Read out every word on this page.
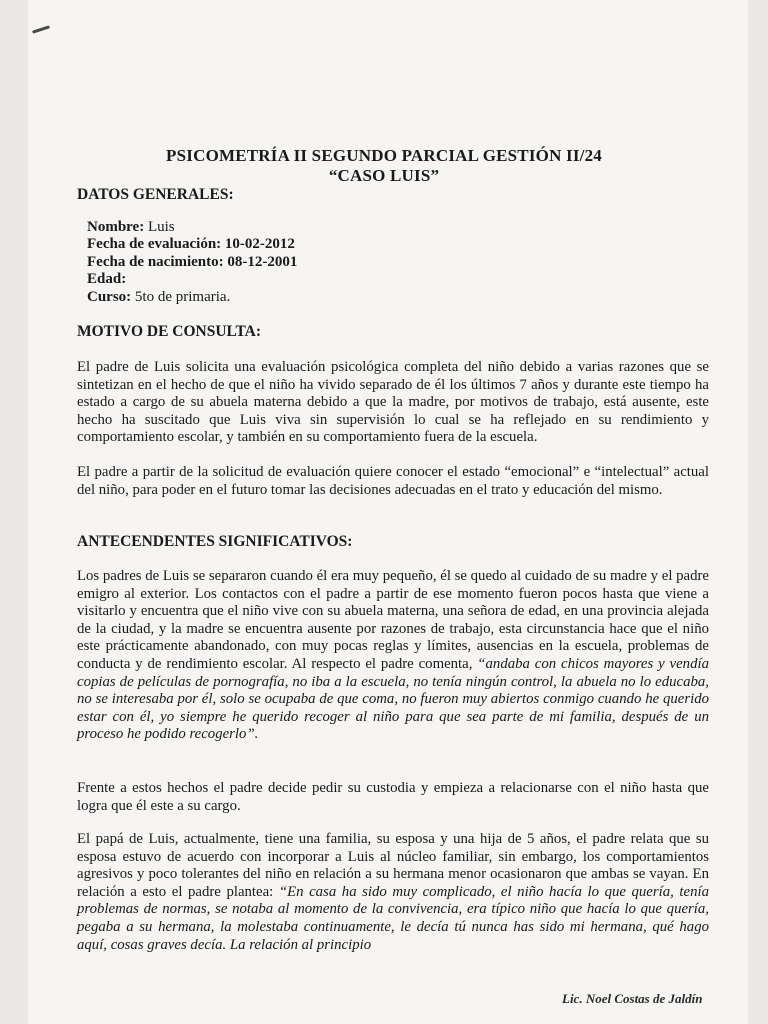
PSICOMETRÍA II SEGUNDO PARCIAL GESTIÓN II/24
“CASO LUIS”
DATOS GENERALES:
Nombre: Luis
Fecha de evaluación: 10-02-2012
Fecha de nacimiento: 08-12-2001
Edad:
Curso: 5to de primaria.
MOTIVO DE CONSULTA:
El padre de Luis solicita una evaluación psicológica completa del niño debido a varias razones que se sintetizan en el hecho de que el niño ha vivido separado de él los últimos 7 años y durante este tiempo ha estado a cargo de su abuela materna debido a que la madre, por motivos de trabajo, está ausente, este hecho ha suscitado que Luis viva sin supervisión lo cual se ha reflejado en su rendimiento y comportamiento escolar, y también en su comportamiento fuera de la escuela.
El padre a partir de la solicitud de evaluación quiere conocer el estado “emocional” e “intelectual” actual del niño, para poder en el futuro tomar las decisiones adecuadas en el trato y educación del mismo.
ANTECENDENTES SIGNIFICATIVOS:
Los padres de Luis se separaron cuando él era muy pequeño, él se quedo al cuidado de su madre y el padre emigro al exterior. Los contactos con el padre a partir de ese momento fueron pocos hasta que viene a visitarlo y encuentra que el niño vive con su abuela materna, una señora de edad, en una provincia alejada de la ciudad, y la madre se encuentra ausente por razones de trabajo, esta circunstancia hace que el niño este prácticamente abandonado, con muy pocas reglas y límites, ausencias en la escuela, problemas de conducta y de rendimiento escolar. Al respecto el padre comenta, “andaba con chicos mayores y vendía copias de películas de pornografía, no iba a la escuela, no tenía ningún control, la abuela no lo educaba, no se interesaba por él, solo se ocupaba de que coma, no fueron muy abiertos conmigo cuando he querido estar con él, yo siempre he querido recoger al niño para que sea parte de mi familia, después de un proceso he podido recogerlo”.
Frente a estos hechos el padre decide pedir su custodia y empieza a relacionarse con el niño hasta que logra que él este a su cargo.
El papá de Luis, actualmente, tiene una familia, su esposa y una hija de 5 años, el padre relata que su esposa estuvo de acuerdo con incorporar a Luis al núcleo familiar, sin embargo, los comportamientos agresivos y poco tolerantes del niño en relación a su hermana menor ocasionaron que ambas se vayan. En relación a esto el padre plantea: “En casa ha sido muy complicado, el niño hacía lo que quería, tenía problemas de normas, se notaba al momento de la convivencia, era típico niño que hacía lo que quería, pegaba a su hermana, la molestaba continuamente, le decía tú nunca has sido mi hermana, qué hago aquí, cosas graves decía. La relación al principio
Lic. Noel Costas de Jaldín
